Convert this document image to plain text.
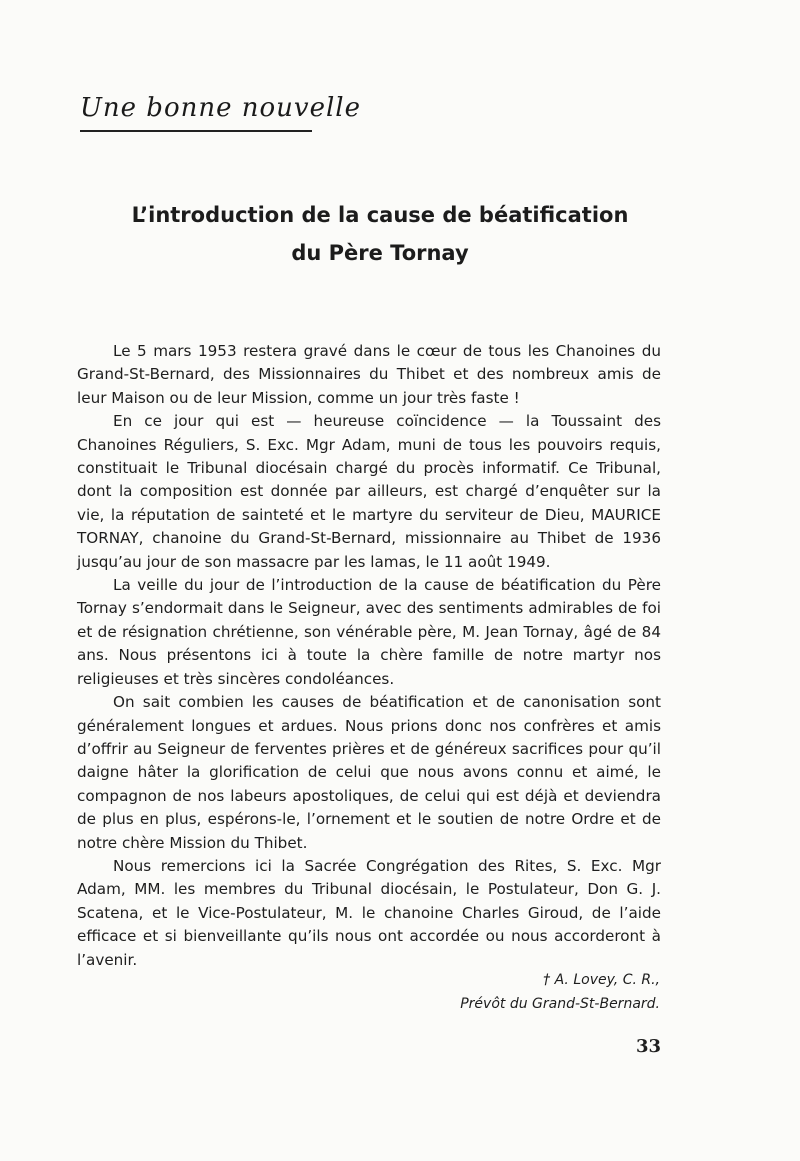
Une bonne nouvelle
L’introduction de la cause de béatification
du Père Tornay

Le 5 mars 1953 restera gravé dans le cœur de tous les Chanoines du Grand-St-Bernard, des Missionnaires du Thibet et des nombreux amis de leur Maison ou de leur Mission, comme un jour très faste !

En ce jour qui est — heureuse coïncidence — la Toussaint des Chanoines Réguliers, S. Exc. Mgr Adam, muni de tous les pouvoirs requis, constituait le Tribunal diocésain chargé du procès informatif. Ce Tribunal, dont la composition est donnée par ailleurs, est chargé d’enquêter sur la vie, la réputation de sainteté et le martyre du serviteur de Dieu, MAURICE TORNAY, chanoine du Grand-St-Bernard, missionnaire au Thibet de 1936 jusqu’au jour de son massacre par les lamas, le 11 août 1949.

La veille du jour de l’introduction de la cause de béatification du Père Tornay s’endormait dans le Seigneur, avec des sentiments admirables de foi et de résignation chrétienne, son vénérable père, M. Jean Tornay, âgé de 84 ans. Nous présentons ici à toute la chère famille de notre martyr nos religieuses et très sincères condoléances.

On sait combien les causes de béatification et de canonisation sont généralement longues et ardues. Nous prions donc nos confrères et amis d’offrir au Seigneur de ferventes prières et de généreux sacrifices pour qu’il daigne hâter la glorification de celui que nous avons connu et aimé, le compagnon de nos labeurs apostoliques, de celui qui est déjà et deviendra de plus en plus, espérons-le, l’ornement et le soutien de notre Ordre et de notre chère Mission du Thibet.

Nous remercions ici la Sacrée Congrégation des Rites, S. Exc. Mgr Adam, MM. les membres du Tribunal diocésain, le Postulateur, Don G. J. Scatena, et le Vice-Postulateur, M. le chanoine Charles Giroud, de l’aide efficace et si bienveillante qu’ils nous ont accordée ou nous accorderont à l’avenir.

† A. Lovey, C. R.,
Prévôt du Grand-St-Bernard.
33
